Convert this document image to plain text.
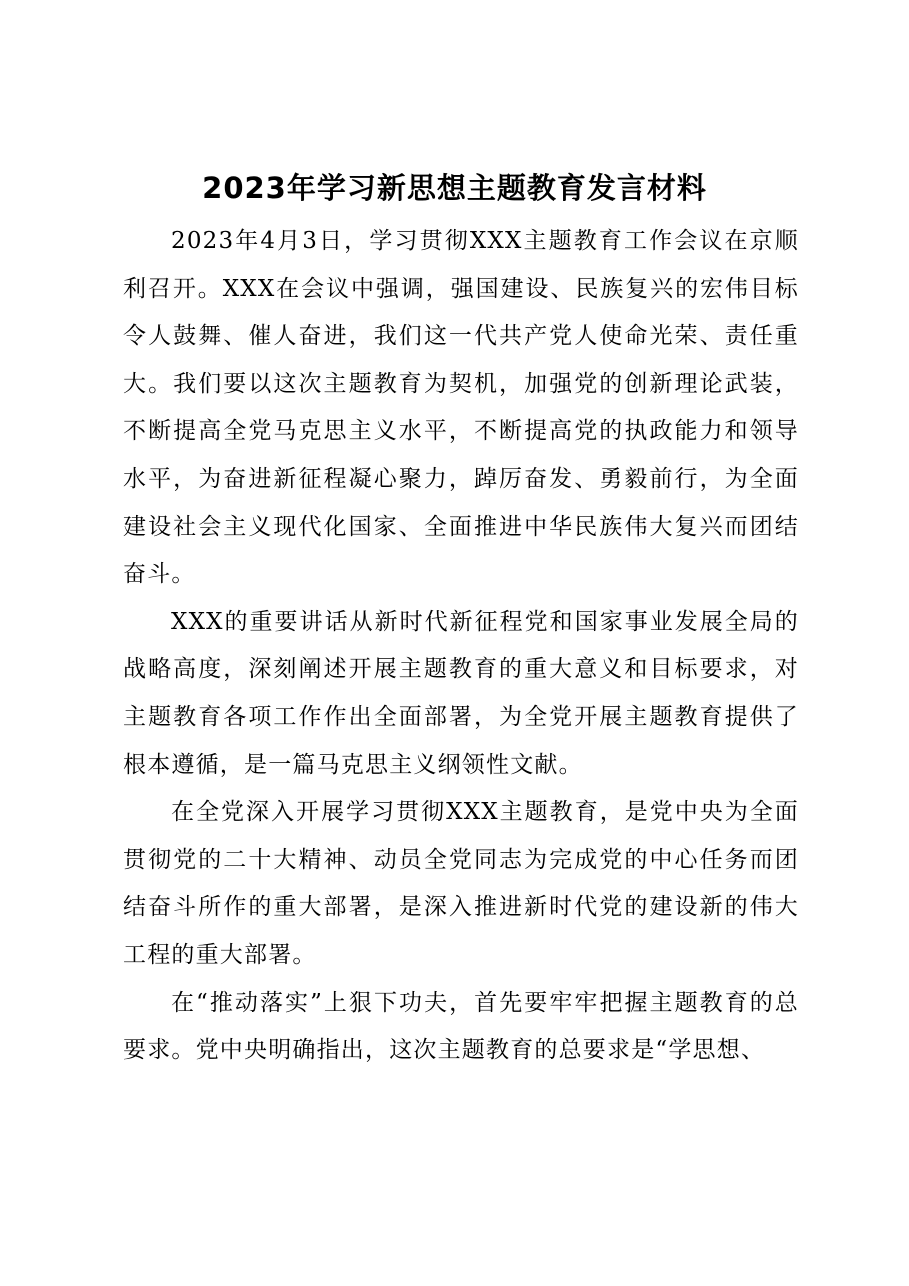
2023年学习新思想主题教育发言材料

2023年4月3日，学习贯彻XXX主题教育工作会议在京顺利召开。XXX在会议中强调，强国建设、民族复兴的宏伟目标令人鼓舞、催人奋进，我们这一代共产党人使命光荣、责任重大。我们要以这次主题教育为契机，加强党的创新理论武装，不断提高全党马克思主义水平，不断提高党的执政能力和领导水平，为奋进新征程凝心聚力，踔厉奋发、勇毅前行，为全面建设社会主义现代化国家、全面推进中华民族伟大复兴而团结奋斗。

XXX的重要讲话从新时代新征程党和国家事业发展全局的战略高度，深刻阐述开展主题教育的重大意义和目标要求，对主题教育各项工作作出全面部署，为全党开展主题教育提供了根本遵循，是一篇马克思主义纲领性文献。

在全党深入开展学习贯彻XXX主题教育，是党中央为全面贯彻党的二十大精神、动员全党同志为完成党的中心任务而团结奋斗所作的重大部署，是深入推进新时代党的建设新的伟大工程的重大部署。

在“推动落实”上狠下功夫，首先要牢牢把握主题教育的总要求。党中央明确指出，这次主题教育的总要求是“学思想、
